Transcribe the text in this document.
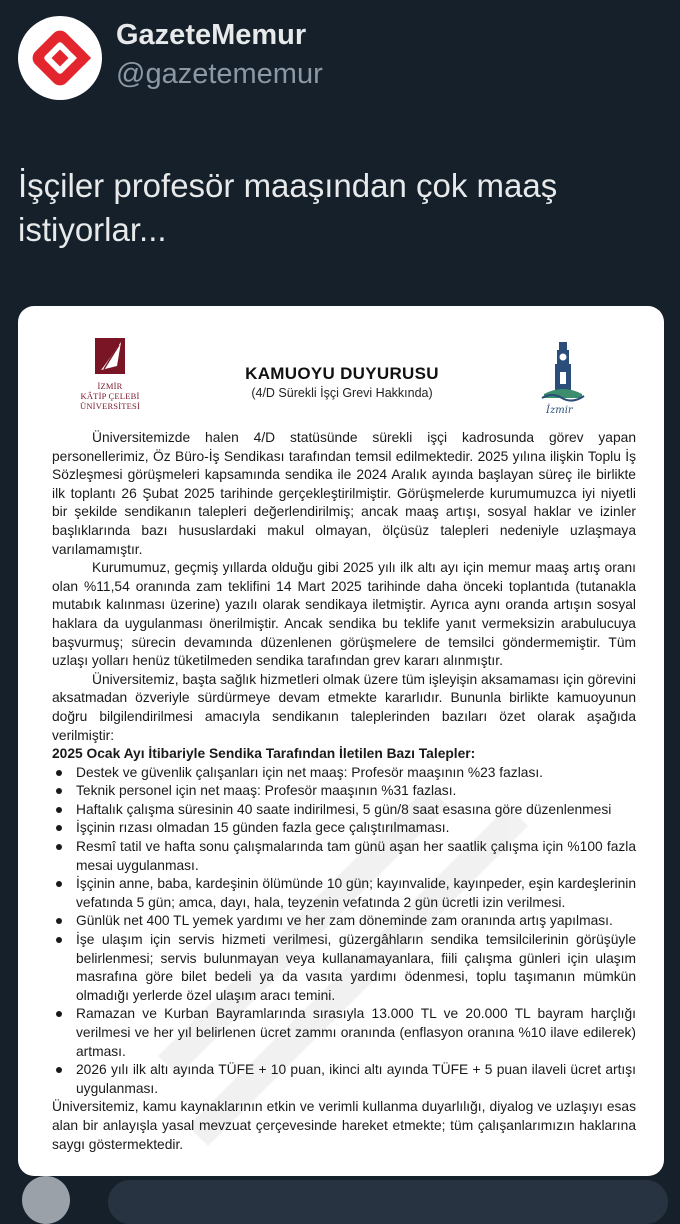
GazeteMemur
@gazetememur
İşçiler profesör maaşından çok maaş istiyorlar...
İZMİR
KÂTİP ÇELEBİ
ÜNİVERSİTESİ
KAMUOYU DUYURUSU
(4/D Sürekli İşçi Grevi Hakkında)
İzmir

Üniversitemizde halen 4/D statüsünde sürekli işçi kadrosunda görev yapan personellerimiz, Öz Büro-İş Sendikası tarafından temsil edilmektedir. 2025 yılına ilişkin Toplu İş Sözleşmesi görüşmeleri kapsamında sendika ile 2024 Aralık ayında başlayan süreç ile birlikte ilk toplantı 26 Şubat 2025 tarihinde gerçekleştirilmiştir. Görüşmelerde kurumumuzca iyi niyetli bir şekilde sendikanın talepleri değerlendirilmiş; ancak maaş artışı, sosyal haklar ve izinler başlıklarında bazı hususlardaki makul olmayan, ölçüsüz talepleri nedeniyle uzlaşmaya varılamamıştır.

Kurumumuz, geçmiş yıllarda olduğu gibi 2025 yılı ilk altı ayı için memur maaş artış oranı olan %11,54 oranında zam teklifini 14 Mart 2025 tarihinde daha önceki toplantıda (tutanakla mutabık kalınması üzerine) yazılı olarak sendikaya iletmiştir. Ayrıca aynı oranda artışın sosyal haklara da uygulanması önerilmiştir. Ancak sendika bu teklife yanıt vermeksizin arabulucuya başvurmuş; sürecin devamında düzenlenen görüşmelere de temsilci göndermemiştir. Tüm uzlaşı yolları henüz tüketilmeden sendika tarafından grev kararı alınmıştır.

Üniversitemiz, başta sağlık hizmetleri olmak üzere tüm işleyişin aksamaması için görevini aksatmadan özveriyle sürdürmeye devam etmekte kararlıdır. Bununla birlikte kamuoyunun doğru bilgilendirilmesi amacıyla sendikanın taleplerinden bazıları özet olarak aşağıda verilmiştir:

2025 Ocak Ayı İtibariyle Sendika Tarafından İletilen Bazı Talepler:
Destek ve güvenlik çalışanları için net maaş: Profesör maaşının %23 fazlası.
Teknik personel için net maaş: Profesör maaşının %31 fazlası.
Haftalık çalışma süresinin 40 saate indirilmesi, 5 gün/8 saat esasına göre düzenlenmesi
İşçinin rızası olmadan 15 günden fazla gece çalıştırılmaması.
Resmî tatil ve hafta sonu çalışmalarında tam günü aşan her saatlik çalışma için %100 fazla mesai uygulanması.
İşçinin anne, baba, kardeşinin ölümünde 10 gün; kayınvalide, kayınpeder, eşin kardeşlerinin vefatında 5 gün; amca, dayı, hala, teyzenin vefatında 2 gün ücretli izin verilmesi.
Günlük net 400 TL yemek yardımı ve her zam döneminde zam oranında artış yapılması.
İşe ulaşım için servis hizmeti verilmesi, güzergâhların sendika temsilcilerinin görüşüyle belirlenmesi; servis bulunmayan veya kullanamayanlara, fiili çalışma günleri için ulaşım masrafına göre bilet bedeli ya da vasıta yardımı ödenmesi, toplu taşımanın mümkün olmadığı yerlerde özel ulaşım aracı temini.
Ramazan ve Kurban Bayramlarında sırasıyla 13.000 TL ve 20.000 TL bayram harçlığı verilmesi ve her yıl belirlenen ücret zammı oranında (enflasyon oranına %10 ilave edilerek) artması.
2026 yılı ilk altı ayında TÜFE + 10 puan, ikinci altı ayında TÜFE + 5 puan ilaveli ücret artışı uygulanması.

Üniversitemiz, kamu kaynaklarının etkin ve verimli kullanma duyarlılığı, diyalog ve uzlaşıyı esas alan bir anlayışla yasal mevzuat çerçevesinde hareket etmekte; tüm çalışanlarımızın haklarına saygı göstermektedir.
